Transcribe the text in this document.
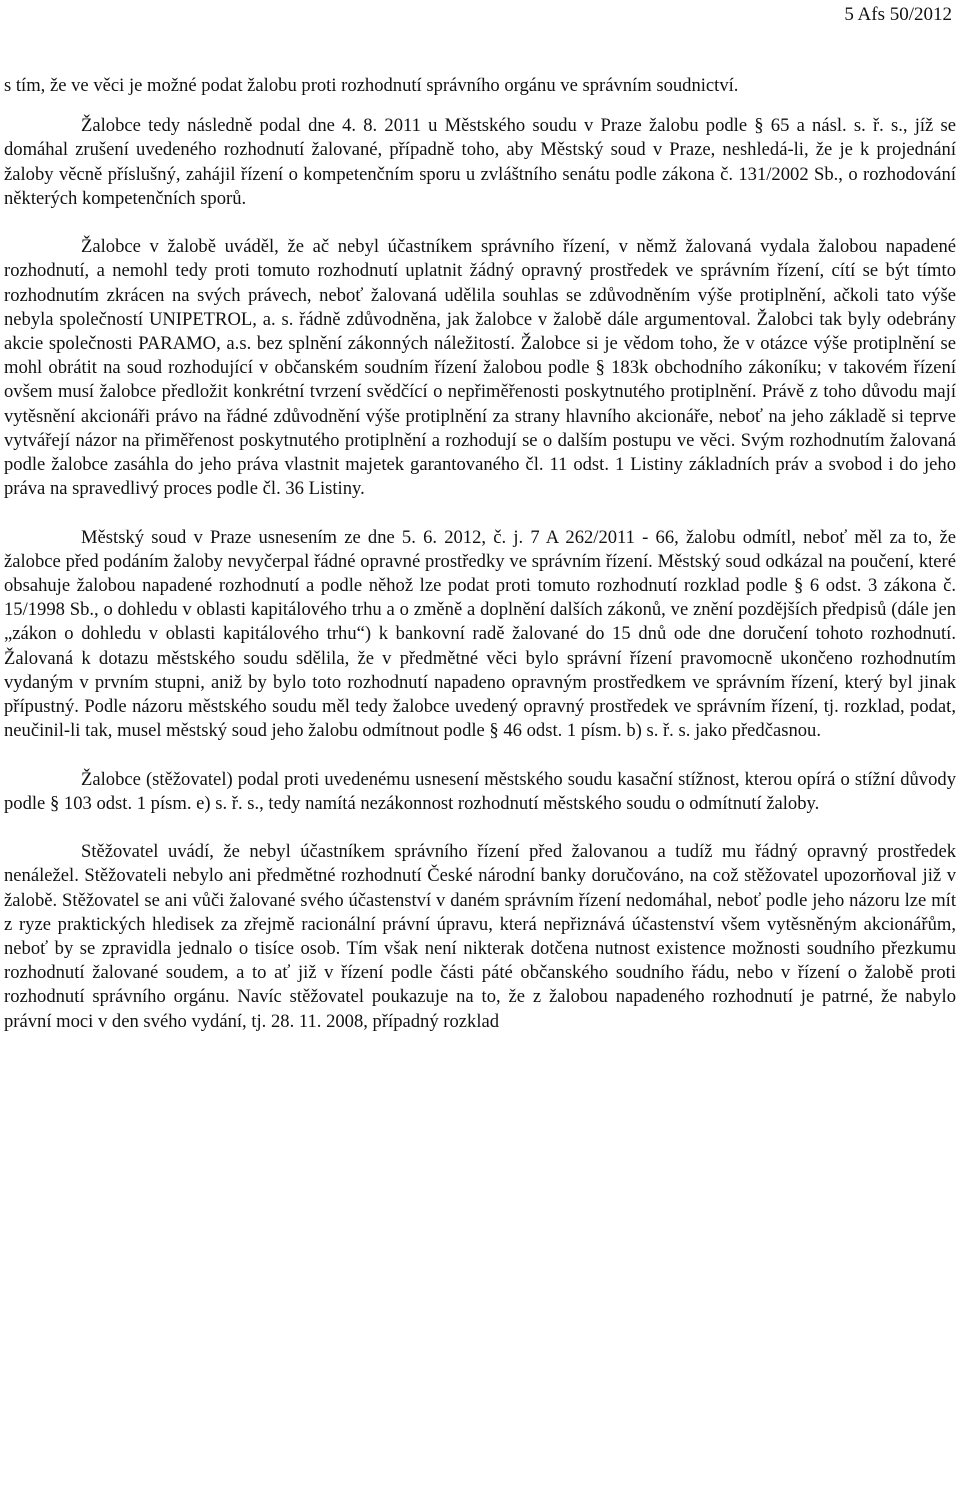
5 Afs 50/2012

s tím, že ve věci je možné podat žalobu proti rozhodnutí správního orgánu ve správním soudnictví.

Žalobce tedy následně podal dne 4. 8. 2011 u Městského soudu v Praze žalobu podle § 65 a násl. s. ř. s., jíž se domáhal zrušení uvedeného rozhodnutí žalované, případně toho, aby Městský soud v Praze, neshledá-li, že je k projednání žaloby věcně příslušný, zahájil řízení o kompetenčním sporu u zvláštního senátu podle zákona č. 131/2002 Sb., o rozhodování některých kompetenčních sporů.

Žalobce v žalobě uváděl, že ač nebyl účastníkem správního řízení, v němž žalovaná vydala žalobou napadené rozhodnutí, a nemohl tedy proti tomuto rozhodnutí uplatnit žádný opravný prostředek ve správním řízení, cítí se být tímto rozhodnutím zkrácen na svých právech, neboť žalovaná udělila souhlas se zdůvodněním výše protiplnění, ačkoli tato výše nebyla společností UNIPETROL, a. s. řádně zdůvodněna, jak žalobce v žalobě dále argumentoval. Žalobci tak byly odebrány akcie společnosti PARAMO, a.s. bez splnění zákonných náležitostí. Žalobce si je vědom toho, že v otázce výše protiplnění se mohl obrátit na soud rozhodující v občanském soudním řízení žalobou podle § 183k obchodního zákoníku; v takovém řízení ovšem musí žalobce předložit konkrétní tvrzení svědčící o nepřiměřenosti poskytnutého protiplnění. Právě z toho důvodu mají vytěsnění akcionáři právo na řádné zdůvodnění výše protiplnění za strany hlavního akcionáře, neboť na jeho základě si teprve vytvářejí názor na přiměřenost poskytnutého protiplnění a rozhodují se o dalším postupu ve věci. Svým rozhodnutím žalovaná podle žalobce zasáhla do jeho práva vlastnit majetek garantovaného čl. 11 odst. 1 Listiny základních práv a svobod i do jeho práva na spravedlivý proces podle čl. 36 Listiny.

Městský soud v Praze usnesením ze dne 5. 6. 2012, č. j. 7 A 262/2011 - 66, žalobu odmítl, neboť měl za to, že žalobce před podáním žaloby nevyčerpal řádné opravné prostředky ve správním řízení. Městský soud odkázal na poučení, které obsahuje žalobou napadené rozhodnutí a podle něhož lze podat proti tomuto rozhodnutí rozklad podle § 6 odst. 3 zákona č. 15/1998 Sb., o dohledu v oblasti kapitálového trhu a o změně a doplnění dalších zákonů, ve znění pozdějších předpisů (dále jen „zákon o dohledu v oblasti kapitálového trhu“) k bankovní radě žalované do 15 dnů ode dne doručení tohoto rozhodnutí. Žalovaná k dotazu městského soudu sdělila, že v předmětné věci bylo správní řízení pravomocně ukončeno rozhodnutím vydaným v prvním stupni, aniž by bylo toto rozhodnutí napadeno opravným prostředkem ve správním řízení, který byl jinak přípustný. Podle názoru městského soudu měl tedy žalobce uvedený opravný prostředek ve správním řízení, tj. rozklad, podat, neučinil-li tak, musel městský soud jeho žalobu odmítnout podle § 46 odst. 1 písm. b) s. ř. s. jako předčasnou.

Žalobce (stěžovatel) podal proti uvedenému usnesení městského soudu kasační stížnost, kterou opírá o stížní důvody podle § 103 odst. 1 písm. e) s. ř. s., tedy namítá nezákonnost rozhodnutí městského soudu o odmítnutí žaloby.

Stěžovatel uvádí, že nebyl účastníkem správního řízení před žalovanou a tudíž mu řádný opravný prostředek nenáležel. Stěžovateli nebylo ani předmětné rozhodnutí České národní banky doručováno, na což stěžovatel upozorňoval již v žalobě. Stěžovatel se ani vůči žalované svého účastenství v daném správním řízení nedomáhal, neboť podle jeho názoru lze mít z ryze praktických hledisek za zřejmě racionální právní úpravu, která nepřiznává účastenství všem vytěsněným akcionářům, neboť by se zpravidla jednalo o tisíce osob. Tím však není nikterak dotčena nutnost existence možnosti soudního přezkumu rozhodnutí žalované soudem, a to ať již v řízení podle části páté občanského soudního řádu, nebo v řízení o žalobě proti rozhodnutí správního orgánu. Navíc stěžovatel poukazuje na to, že z žalobou napadeného rozhodnutí je patrné, že nabylo právní moci v den svého vydání, tj. 28. 11. 2008, případný rozklad
